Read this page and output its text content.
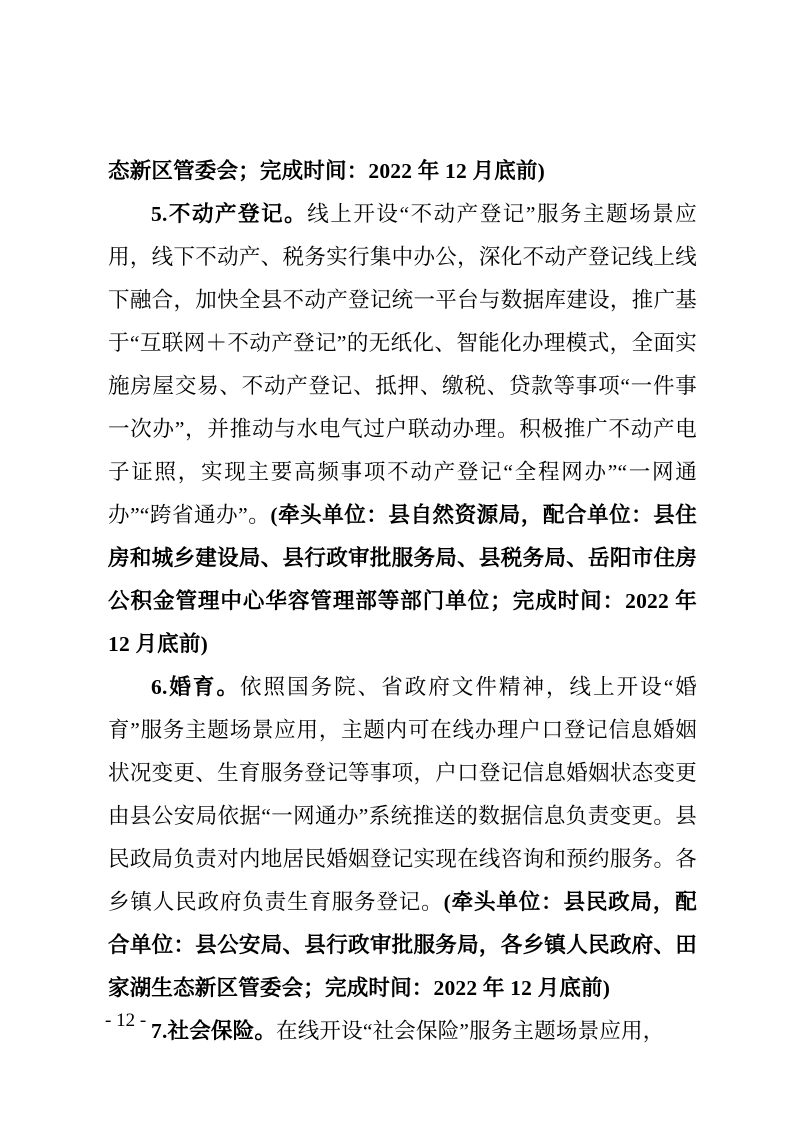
态新区管委会；完成时间：2022 年 12 月底前)

5.不动产登记。线上开设“不动产登记”服务主题场景应用，线下不动产、税务实行集中办公，深化不动产登记线上线下融合，加快全县不动产登记统一平台与数据库建设，推广基于“互联网＋不动产登记”的无纸化、智能化办理模式，全面实施房屋交易、不动产登记、抵押、缴税、贷款等事项“一件事一次办”，并推动与水电气过户联动办理。积极推广不动产电子证照，实现主要高频事项不动产登记“全程网办”“一网通办”“跨省通办”。(牵头单位：县自然资源局，配合单位：县住房和城乡建设局、县行政审批服务局、县税务局、岳阳市住房公积金管理中心华容管理部等部门单位；完成时间：2022 年 12 月底前)

6.婚育。依照国务院、省政府文件精神，线上开设“婚育”服务主题场景应用，主题内可在线办理户口登记信息婚姻状况变更、生育服务登记等事项，户口登记信息婚姻状态变更由县公安局依据“一网通办”系统推送的数据信息负责变更。县民政局负责对内地居民婚姻登记实现在线咨询和预约服务。各乡镇人民政府负责生育服务登记。(牵头单位：县民政局，配合单位：县公安局、县行政审批服务局，各乡镇人民政府、田家湖生态新区管委会；完成时间：2022 年 12 月底前)

7.社会保险。在线开设“社会保险”服务主题场景应用，

- 12 -
